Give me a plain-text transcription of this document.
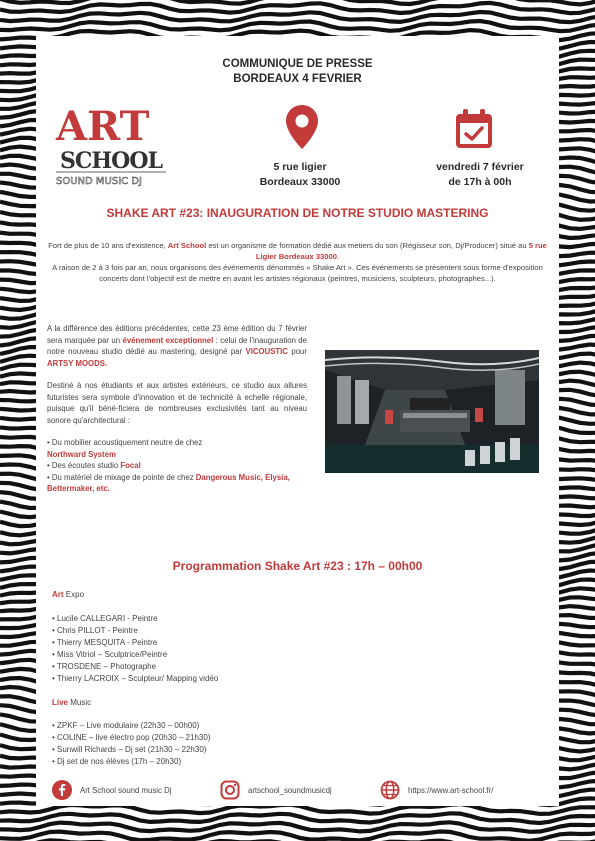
COMMUNIQUE DE PRESSE
BORDEAUX 4 FEVRIER
ART
SCHOOL
SOUND MUSIC DJ
5 rue ligier
Bordeaux 33000
vendredi 7 février
de 17h à 00h
SHAKE ART #23: INAUGURATION DE NOTRE STUDIO MASTERING
Fort de plus de 10 ans d'existence, Art School est un organisme de formation dédié aux metiers du son (Régisseur son, Dj/Producer) situé au 5 rue Ligier Bordeaux 33000.
A raison de 2 à 3 fois par an, nous organisons des événements dénommés « Shake Art ». Ces événements se présentent sous forme d'exposition concerts dont l'objectif est de mettre en avant les artistes régionaux (peintres, musiciens, sculpteurs, photographes...).

A la différence des éditions précédentes, cette 23 ème édition du 7 février sera marquée par un événement exceptionnel : celui de l'inauguration de notre nouveau studio dédié au mastering, designé par VICOUSTIC pour ARTSY MOODS.

Destiné à nos étudiants et aux artistes extérieurs, ce studio aux allures futuristes sera symbole d'innovation et de technicité à echelle régionale, puisque qu'il béné-ficiera de nombreuses exclusivités tant au niveau sonore qu'architectural :

• Du mobilier acoustiquement neutre de chez
Northward System
• Des écoutes studio Focal
• Du matériel de mixage de pointe de chez Dangerous Music, Elysia, Bettermaker, etc.
Programmation Shake Art #23 : 17h – 00h00
Art Expo
• Lucile CALLEGARI - Peintre
• Chris PILLOT - Peintre
• Thierry MESQUITA - Peintre
• Miss Vitriol – Sculptrice/Peintre
• TROSDENE – Photographe
• Thierry LACROIX – Sculpteur/ Mapping vidéo
Live Music
• ZPKF – Live modulaire (22h30 – 00h00)
• COLINE – live électro pop (20h30 – 21h30)
• Sunwill Richards – Dj set (21h30 – 22h30)
• Dj set de nos élèves (17h – 20h30)
Art School sound music Dj	artschool_soundmusicdj	https://www.art-school.fr/
